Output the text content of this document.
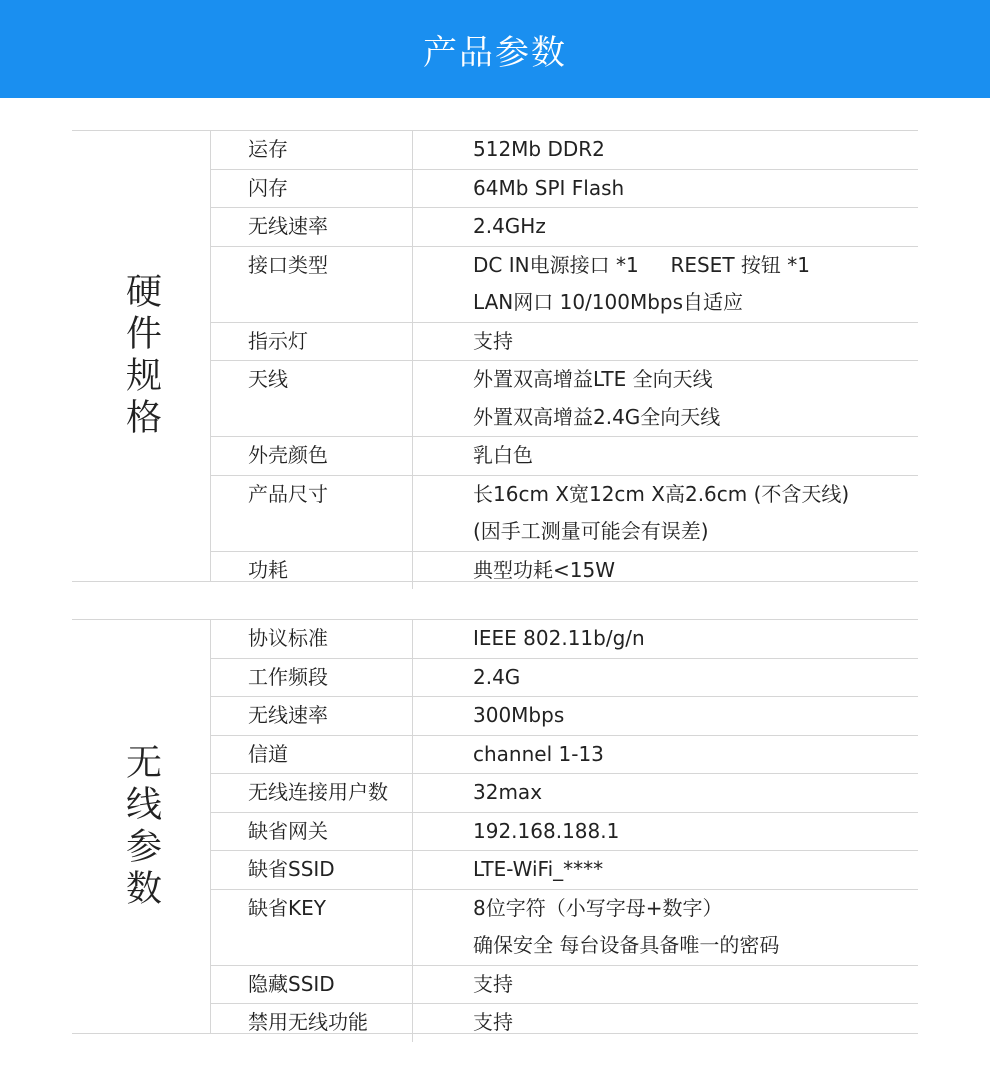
产品参数
硬件规格
运存	512Mb DDR2
闪存	64Mb SPI Flash
无线速率	2.4GHz
接口类型	DC IN电源接口 *1     RESET 按钮 *1
LAN网口 10/100Mbps自适应
指示灯	支持
天线	外置双高增益LTE 全向天线
外置双高增益2.4G全向天线
外壳颜色	乳白色
产品尺寸	长16cm X宽12cm X高2.6cm (不含天线)
(因手工测量可能会有误差)
功耗	典型功耗<15W
无线参数
协议标准	IEEE 802.11b/g/n
工作频段	2.4G
无线速率	300Mbps
信道	channel 1-13
无线连接用户数	32max
缺省网关	192.168.188.1
缺省SSID	LTE-WiFi_****
缺省KEY	8位字符（小写字母+数字）
确保安全 每台设备具备唯一的密码
隐藏SSID	支持
禁用无线功能	支持
